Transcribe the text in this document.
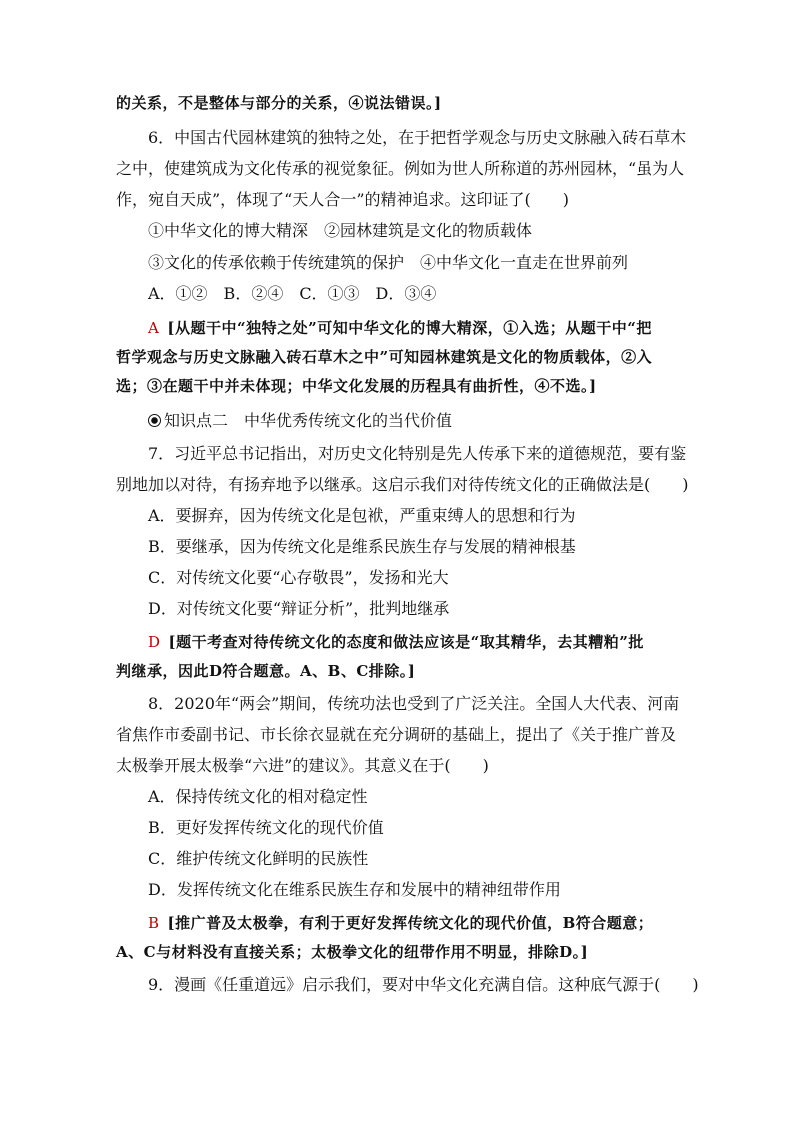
的关系，不是整体与部分的关系，④说法错误。]
6．中国古代园林建筑的独特之处，在于把哲学观念与历史文脉融入砖石草木
之中，使建筑成为文化传承的视觉象征。例如为世人所称道的苏州园林，“虽为人
作，宛自天成”，体现了“天人合一”的精神追求。这印证了(　　)
①中华文化的博大精深　②园林建筑是文化的物质载体
③文化的传承依赖于传统建筑的保护　④中华文化一直走在世界前列
A．①②　B．②④　C．①③　D．③④
A [从题干中“独特之处”可知中华文化的博大精深，①入选；从题干中“把
哲学观念与历史文脉融入砖石草木之中”可知园林建筑是文化的物质载体，②入
选；③在题干中并未体现；中华文化发展的历程具有曲折性，④不选。]
知识点二　中华优秀传统文化的当代价值
7．习近平总书记指出，对历史文化特别是先人传承下来的道德规范，要有鉴
别地加以对待，有扬弃地予以继承。这启示我们对待传统文化的正确做法是(　　)
A．要摒弃，因为传统文化是包袱，严重束缚人的思想和行为
B．要继承，因为传统文化是维系民族生存与发展的精神根基
C．对传统文化要“心存敬畏”，发扬和光大
D．对传统文化要“辩证分析”，批判地继承
D [题干考查对待传统文化的态度和做法应该是“取其精华，去其糟粕”批
判继承，因此D符合题意。A、B、C排除。]
8．2020年“两会”期间，传统功法也受到了广泛关注。全国人大代表、河南
省焦作市委副书记、市长徐衣显就在充分调研的基础上，提出了《关于推广普及
太极拳开展太极拳“六进”的建议》。其意义在于(　　)
A．保持传统文化的相对稳定性
B．更好发挥传统文化的现代价值
C．维护传统文化鲜明的民族性
D．发挥传统文化在维系民族生存和发展中的精神纽带作用
B [推广普及太极拳，有利于更好发挥传统文化的现代价值，B符合题意；
A、C与材料没有直接关系；太极拳文化的纽带作用不明显，排除D。]
9．漫画《任重道远》启示我们，要对中华文化充满自信。这种底气源于(　　)
